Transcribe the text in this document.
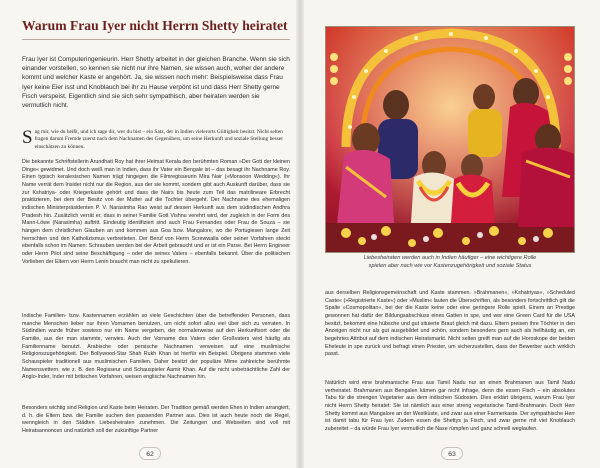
Warum Frau Iyer nicht Herrn Shetty heiratet

Frau Iyer ist Computeringenieurin. Herr Shetty arbeitet in der gleichen Branche. Wenn sie sich einander vorstellen, so kennen sie nicht nur ihre Namen, sie wissen auch, woher der andere kommt und welcher Kaste er angehört. Ja, sie wissen noch mehr: Beispielsweise dass Frau Iyer keine Eier isst und Knoblauch bei ihr zu Hause verpönt ist und dass Herr Shetty gerne Fisch verspeist. Eigentlich sind sie sich sehr sympathisch, aber heiraten werden sie vermutlich nicht.

Sag mir, wie du heißt, und ich sage dir, wer du bist – ein Satz, der in Indien vielerorts Gültigkeit besitzt. Nicht selten fragen darum Fremde zuerst nach dem Nachnamen des Gegenübers, um seine Herkunft und soziale Stellung besser einschätzen zu können.

Die bekannte Schriftstellerin Arundhati Roy hat ihrer Heimat Kerala den berühmten Roman »Der Gott der kleinen Dinge« gewidmet. Und doch weiß man in Indien, dass ihr Vater ein Bengale ist – das besagt ihr Nachname Roy. Einen typisch keralesischen Namen trägt hingegen die Filmregisseurin Mira Nair (»Monsoon Wedding«). Ihr Name verrät dem Insider nicht nur die Region, aus der sie kommt, sondern gibt auch Auskunft darüber, dass sie zur Kshatriya- oder Kriegerkaste gehört und dass die Nairs bis heute zum Teil das matrilineare Erbrecht praktizieren, bei dem der Besitz von der Mutter auf die Tochter übergeht. Der Nachname des ehemaligen indischen Ministerpräsidenten P. V. Narasimha Rao weist auf dessen Herkunft aus dem südindischen Andhra Pradesh hin. Zusätzlich verrät er, dass in seiner Familie Gott Vishnu verehrt wird, der zugleich in der Form des Mann-Löwe (Narasimha) auftritt. Eindeutig identifiziert sind auch Frau Fernandes oder Frau de Souza – sie hängen dem christlichen Glauben an und kommen aus Goa bzw. Mangalore, wo die Portugiesen lange Zeit herrschten und den Katholizismus verbreiteten. Der Beruf von Herrn Screwwalla oder seiner Vorfahren steckt ebenfalls schon im Namen: Schrauben werden bei der Arbeit gebraucht und er ist ein Parse. Bei Herrn Engineer oder Herrn Pilot sind seine Beschäftigung – oder die seines Vaters – ebenfalls bekannt. Über die politischen Vorlieben der Eltern von Herrn Lenin braucht man nicht zu spekulieren.

Indische Familien- bzw. Kastennamen erzählen so viele Geschichten über die betreffenden Personen, dass manche Menschen lieber nur ihren Vornamen benutzen, um nicht sofort allzu viel über sich zu verraten. In Südindien wurde früher sowieso nur ein Name vergeben, der normalerweise auf den Herkunftsort oder die Familie, aus der man stammte, verwies. Auch der Vorname des Vaters oder Großvaters wird häufig als Familienname benutzt. Arabische oder persische Nachnamen verweisen auf eine muslimische Religionszugehörigkeit. Der Bollywood-Star Shah Rukh Khan ist hierfür ein Beispiel. Übrigens stammen viele Schauspieler traditionell aus muslimischen Familien. Daher besitzt der populäre Mime zahlreiche berühmte Namensvettern, wie z. B. den Regisseur und Schauspieler Aamir Khan. Auf die nicht unbeträchtliche Zahl der Anglo-Inder, Inder mit britischen Vorfahren, weisen englische Nachnamen hin.

Besonders wichtig sind Religion und Kaste beim Heiraten. Der Tradition gemäß werden Ehen in Indien arrangiert, d. h. die Eltern bzw. die Familie suchen den passenden Partner aus. Dies ist auch heute noch die Regel, wenngleich in den Städten Liebesheiraten zunehmen. Die Zeitungen und Webseiten sind voll mit Heiratsannoncen und natürlich soll der zukünftige Partner

62

Liebesheiraten werden auch in Indien häufiger – eine wichtigere Rolle
spielen aber nach wie vor Kastenzugehörigkeit und soziale Status

aus derselben Religionsgemeinschaft und Kaste stammen. »Brahmanen«, »Kshatriyas«, »Scheduled Caste« (»Registrierte Kaste«) oder »Muslim« lauten die Überschriften, als besonders fortschrittlich gilt die Spalte »Cosmopolitan«, bei der die Kaste keine oder eine geringere Rolle spielt. Einem an Prestige gewonnen hat dafür der Bildungsabschluss eines Gatten in spe, und wer eine Green Card für die USA besitzt, bekommt eine hübsche und gut situierte Braut gleich mit dazu. Eltern preisen ihre Töchter in den Anzeigen nicht nur als gut ausgebildet und schön, sondern besonders gern auch als hellhäutig an, ein begehrtes Attribut auf dem indischen Heiratsmarkt. Nicht selten greift man auf die Horoskope der beiden Eheleute in spe zurück und befragt einen Priester, um sicherzustellen, dass der Bewerber auch wirklich passt.

Natürlich wird eine brahmanische Frau aus Tamil Nadu nur an einen Brahmanen aus Tamil Nadu verheiratet. Brahmanen aus Bengalen kämen gar nicht infrage, denn die essen Fisch – ein absolutes Tabu für die strengen Vegetarier aus dem indischen Südosten. Dies erklärt übrigens, warum Frau Iyer nicht Herrn Shetty heiratet: Sie ist nämlich aus einer streng vegetarische Tamil-Brahmanin. Doch Herr Shetty kommt aus Mangalore an der Westküste, und zwar aus einer Farmerkaste. Der sympathische Herr ist damit tabu für Frau Iyer. Zudem essen die Shettys ja Fisch, und zwar gerne mit viel Knoblauch zubereitet – da würde Frau Iyer vermutlich die Nase rümpfen und ganz schnell weglaufen.

63
